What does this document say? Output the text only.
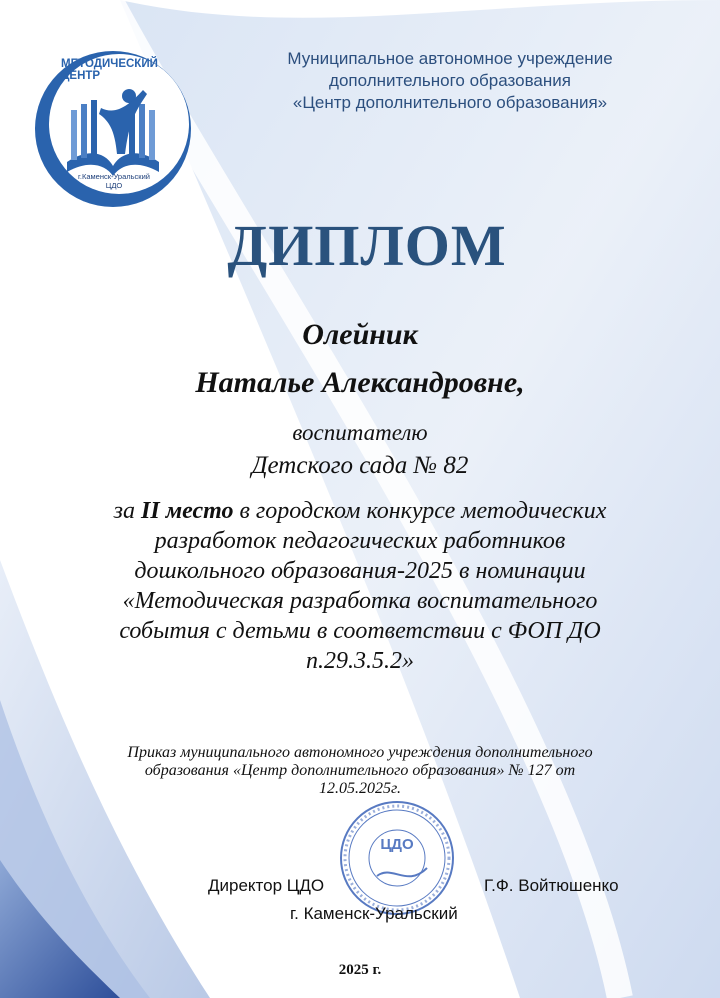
МЕТОДИЧЕСКИЙ
ЦЕНТР
г.Каменск-Уральский
ЦДО
Муниципальное автономное учреждение
дополнительного образования
«Центр дополнительного образования»
ДИПЛОМ
Олейник
Наталье Александровне,
воспитателю
Детского сада № 82
за II место в городском конкурсе методических разработок педагогических работников дошкольного образования-2025 в номинации «Методическая разработка воспитательного события с детьми в соответствии с ФОП ДО п.29.3.5.2»
Приказ муниципального автономного учреждения дополнительного образования «Центр дополнительного образования» № 127 от 12.05.2025г.
ЦДО
Директор ЦДО	Г.Ф. Войтюшенко
г. Каменск-Уральский
2025 г.
